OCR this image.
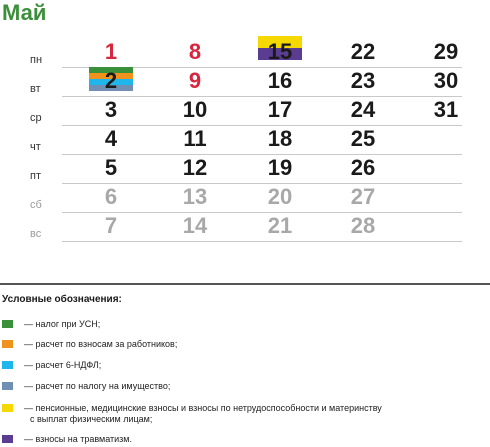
Май
пн
вт
ср
чт
пт
сб
вс
1
2
3
4
5
6
7
8
9
10
11
12
13
14
15
16
17
18
19
20
21
22
23
24
25
26
27
28
29
30
31
Условные обозначения:
— налог при УСН;
— расчет по взносам за работников;
— расчет 6-НДФЛ;
— расчет по налогу на имущество;
— пенсионные, медицинские взносы и взносы по нетрудоспособности и материнству
с выплат физическим лицам;
— взносы на травматизм.
